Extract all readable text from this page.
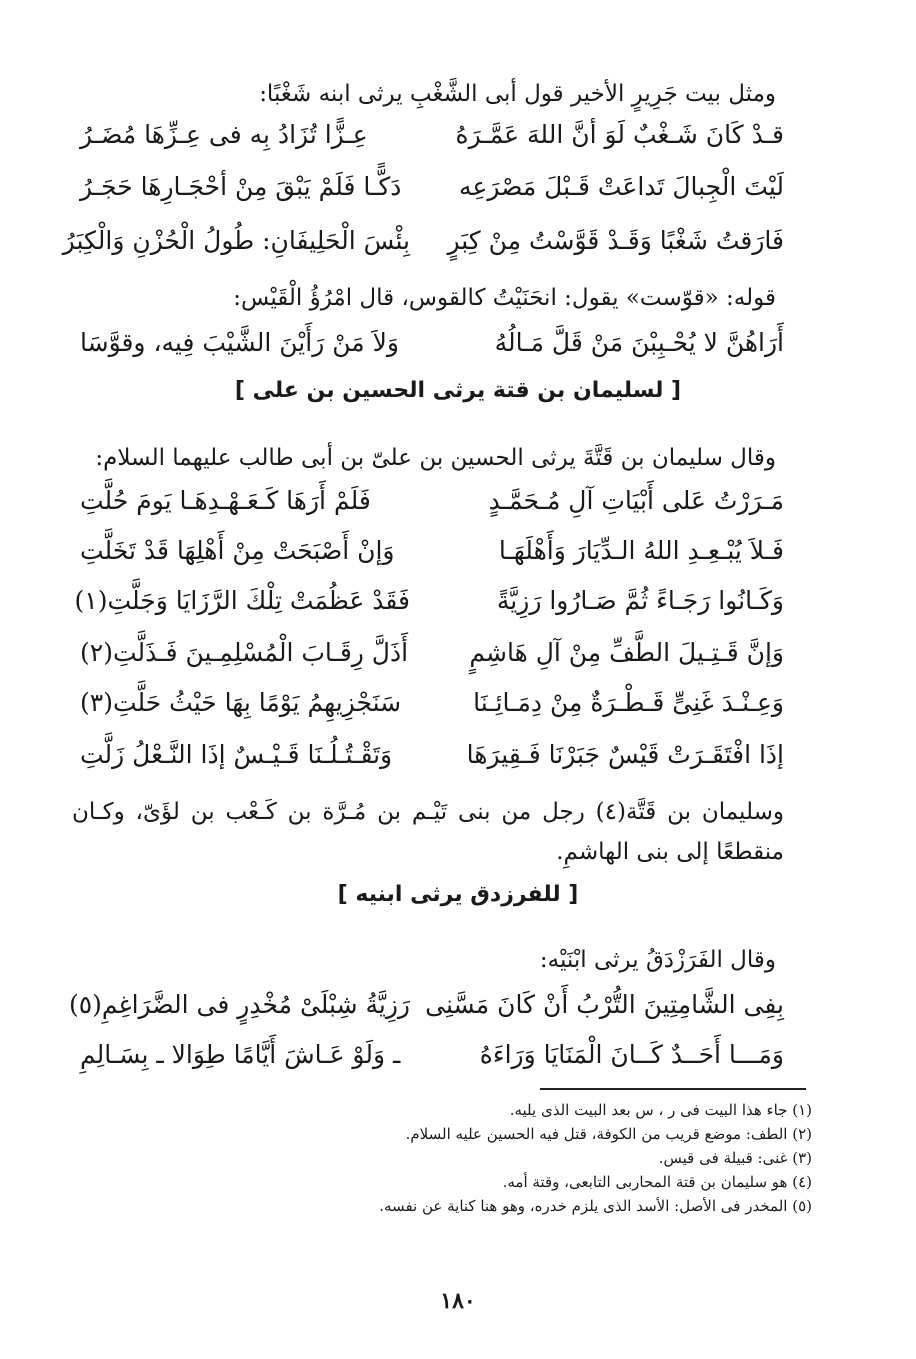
ومثل بيت جَرِيرٍ الأخير قول أبى الشَّغْبِ يرثى ابنه شَغْبًا:
قـدْ كَانَ شَـغْبٌ لَوَ أنَّ اللهَ عَمَّـرَهُ
عِـزًّا تُزَادُ بِه فى عِـزِّهَا مُضَـرُ
لَيْتَ الْجِبالَ تَداعَتْ قَـبْلَ مَصْرَعِه
دَكًّـا فَلَمْ يَبْقَ مِنْ أحْجَـارِهَا حَجَـرُ
فَارَقتُ شَغْبًا وَقَـدْ قَوَّسْتُ مِنْ كِبَرٍ
بِئْسَ الْحَلِيفَانِ: طُولُ الْحُزْنِ وَالْكِبَرُ
قوله: «قوّست» يقول: انحَنَيْتُ كالقوس، قال امْرُؤُ الْقَيْس:
أَرَاهُنَّ لا يُحْـبِبْنَ مَنْ قَلَّ مَـالُهُ
وَلاَ مَنْ رَأَيْنَ الشَّيْبَ فِيه، وقوَّسَا
[ لسليمان بن قتة يرثى الحسين بن على ]
وقال سليمان بن قَتَّةَ يرثى الحسين بن علىّ بن أبى طالب عليهما السلام:
مَـرَرْتُ عَلى أَبْيَاتِ آلِ مُـحَمَّـدٍ
فَلَمْ أَرَهَا كَـعَـهْـدِهَـا يَومَ حُلَّتِ
فَـلاَ يُبْـعِـدِ اللهُ الـدِّيَارَ وَأَهْلَهَـا
وَإنْ أَصْبَحَتْ مِنْ أَهْلِهَا قَدْ تَخَلَّتِ
وَكَـانُوا رَجَـاءً ثُمَّ صَـارُوا رَزِيَّةً
فَقَدْ عَظُمَتْ تِلْكَ الرَّزَايَا وَجَلَّتِ(١)
وَإنَّ قَـتِـيلَ الطَّفِّ مِنْ آلِ هَاشِمٍ
أَذَلَّ رِقَـابَ الْمُسْلِمِـينَ فَـذَلَّتِ(٢)
وَعِـنْـدَ غَنِىٍّ قَـطْـرَةٌ مِنْ دِمَـائِـنَا
سَنَجْزِيهِمُ يَوْمًا بِهَا حَيْثُ حَلَّتِ(٣)
إذَا افْتَقَـرَتْ قَيْسٌ جَبَرْنَا فَـقِيرَهَا
وَتَقْـتُـلُـنَا قَـيْـسٌ إذَا النَّـعْلُ زَلَّتِ
وسليمان بن قَتَّة(٤) رجل من بنى تَيْـم بن مُـرَّة بن كَـعْب بن لؤَىّ، وكـان منقطعًا إلى بنى الهاشمِ.
[ للفرزدق يرثى ابنيه ]
وقال الفَرَزْدَقُ يرثى ابْنَيْه:
بِفِى الشَّامِتِينَ التُّرْبُ أَنْ كَانَ مَسَّنِى
رَزِيَّةُ شِبْلَىْ مُخْدِرٍ فى الضَّرَاغِمِ(٥)
وَمَـــا أَحَــدٌ كَــانَ الْمَنَايَا وَرَاءَهُ
ـ وَلَوْ عَـاشَ أَيَّامًا طِوَالا ـ بِسَـالِمِ
(١) جاء هذا البيت فى ر ، س بعد البيت الذى يليه.
(٢) الطف: موضع قريب من الكوفة، قتل فيه الحسين عليه السلام.
(٣) غنى: قبيلة فى قيس.
(٤) هو سليمان بن قتة المحاربى التابعى، وقتة أمه.
(٥) المخدر فى الأصل: الأسد الذى يلزم خدره، وهو هنا كناية عن نفسه.
١٨٠
